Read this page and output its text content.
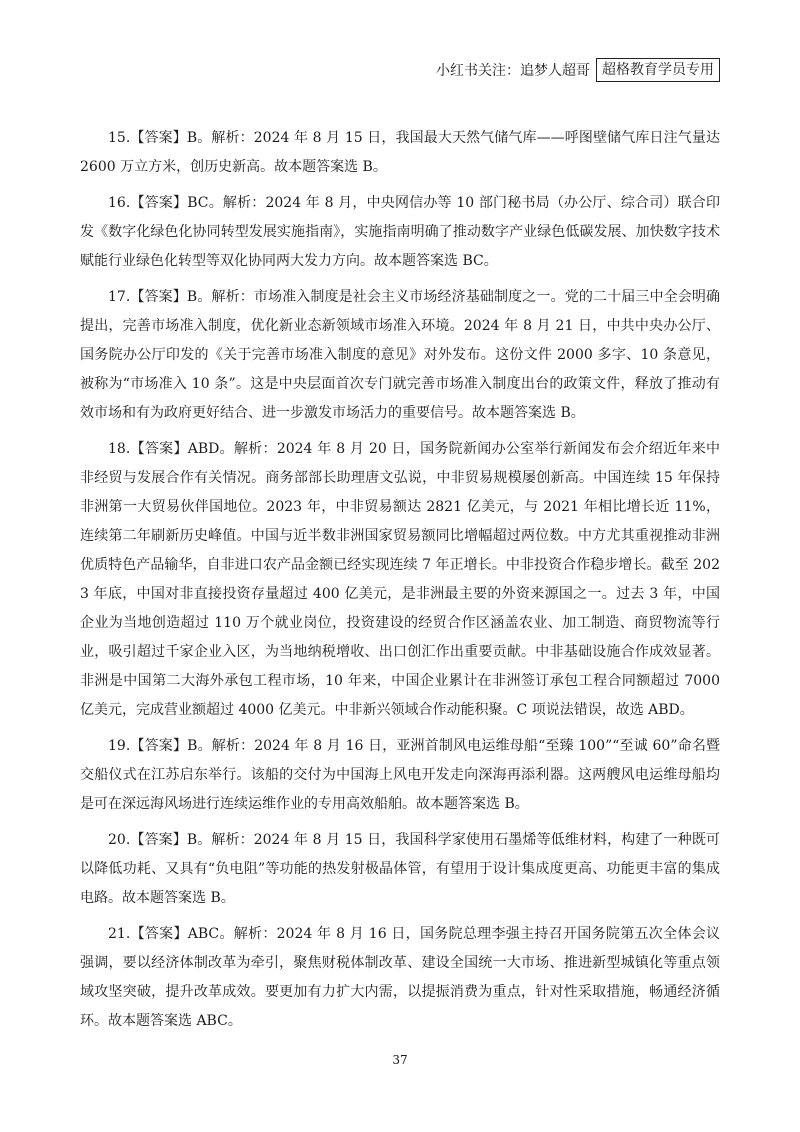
小红书关注：追梦人超哥 超格教育学员专用

15.【答案】B。解析：2024 年 8 月 15 日，我国最大天然气储气库——呼图壁储气库日注气量达 2600 万立方米，创历史新高。故本题答案选 B。

16.【答案】BC。解析：2024 年 8 月，中央网信办等 10 部门秘书局（办公厅、综合司）联合印发《数字化绿色化协同转型发展实施指南》，实施指南明确了推动数字产业绿色低碳发展、加快数字技术赋能行业绿色化转型等双化协同两大发力方向。故本题答案选 BC。

17.【答案】B。解析：市场准入制度是社会主义市场经济基础制度之一。党的二十届三中全会明确提出，完善市场准入制度，优化新业态新领域市场准入环境。2024 年 8 月 21 日，中共中央办公厅、国务院办公厅印发的《关于完善市场准入制度的意见》对外发布。这份文件 2000 多字、10 条意见，被称为“市场准入 10 条”。这是中央层面首次专门就完善市场准入制度出台的政策文件，释放了推动有效市场和有为政府更好结合、进一步激发市场活力的重要信号。故本题答案选 B。

18.【答案】ABD。解析：2024 年 8 月 20 日，国务院新闻办公室举行新闻发布会介绍近年来中非经贸与发展合作有关情况。商务部部长助理唐文弘说，中非贸易规模屡创新高。中国连续 15 年保持非洲第一大贸易伙伴国地位。2023 年，中非贸易额达 2821 亿美元，与 2021 年相比增长近 11%，连续第二年刷新历史峰值。中国与近半数非洲国家贸易额同比增幅超过两位数。中方尤其重视推动非洲优质特色产品输华，自非进口农产品金额已经实现连续 7 年正增长。中非投资合作稳步增长。截至 2023 年底，中国对非直接投资存量超过 400 亿美元，是非洲最主要的外资来源国之一。过去 3 年，中国企业为当地创造超过 110 万个就业岗位，投资建设的经贸合作区涵盖农业、加工制造、商贸物流等行业，吸引超过千家企业入区，为当地纳税增收、出口创汇作出重要贡献。中非基础设施合作成效显著。非洲是中国第二大海外承包工程市场，10 年来，中国企业累计在非洲签订承包工程合同额超过 7000 亿美元，完成营业额超过 4000 亿美元。中非新兴领域合作动能积聚。C 项说法错误，故选 ABD。

19.【答案】B。解析：2024 年 8 月 16 日，亚洲首制风电运维母船“至臻 100”“至诚 60”命名暨交船仪式在江苏启东举行。该船的交付为中国海上风电开发走向深海再添利器。这两艘风电运维母船均是可在深远海风场进行连续运维作业的专用高效船舶。故本题答案选 B。

20.【答案】B。解析：2024 年 8 月 15 日，我国科学家使用石墨烯等低维材料，构建了一种既可以降低功耗、又具有“负电阻”等功能的热发射极晶体管，有望用于设计集成度更高、功能更丰富的集成电路。故本题答案选 B。

21.【答案】ABC。解析：2024 年 8 月 16 日，国务院总理李强主持召开国务院第五次全体会议强调，要以经济体制改革为牵引，聚焦财税体制改革、建设全国统一大市场、推进新型城镇化等重点领域攻坚突破，提升改革成效。要更加有力扩大内需，以提振消费为重点，针对性采取措施，畅通经济循环。故本题答案选 ABC。

37
